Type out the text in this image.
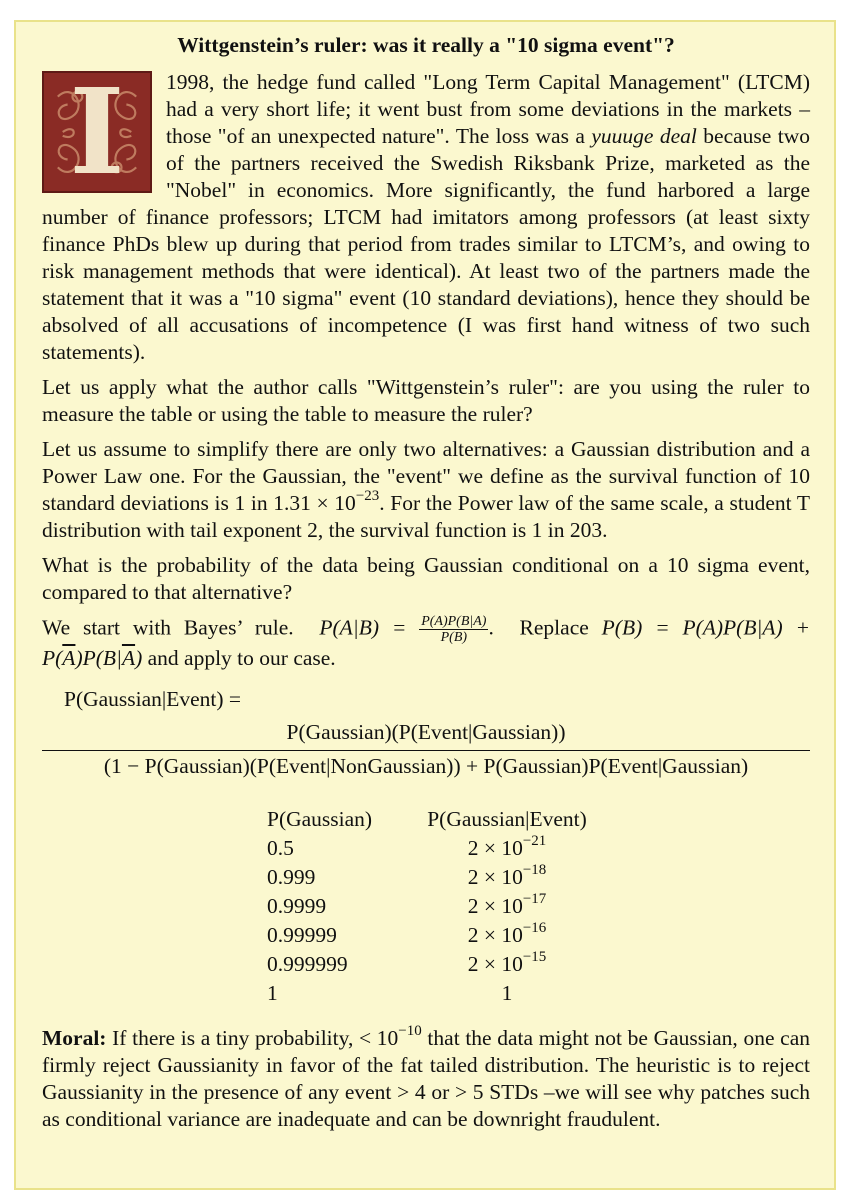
Wittgenstein’s ruler: was it really a "10 sigma event"?

I	1998, the hedge fund called "Long Term Capital Management" (LTCM) had a very short life; it went bust from some deviations in the markets –those "of an unexpected nature". The loss was a yuuuge deal because two of the partners received the Swedish Riksbank Prize, marketed as the "Nobel" in economics. More significantly, the fund harbored a large number of finance professors; LTCM had imitators among professors (at least sixty finance PhDs blew up during that period from trades similar to LTCM’s, and owing to risk management methods that were identical). At least two of the partners made the statement that it was a "10 sigma" event (10 standard deviations), hence they should be absolved of all accusations of incompetence (I was first hand witness of two such statements).

Let us apply what the author calls "Wittgenstein’s ruler": are you using the ruler to measure the table or using the table to measure the ruler?

Let us assume to simplify there are only two alternatives: a Gaussian distribution and a Power Law one. For the Gaussian, the "event" we define as the survival function of 10 standard deviations is 1 in $1.31 \times 10^{-23}$. For the Power law of the same scale, a student T distribution with tail exponent 2, the survival function is 1 in 203.

What is the probability of the data being Gaussian conditional on a 10 sigma event, compared to that alternative?

We start with Bayes’ rule.  $P(A|B) = \frac{P(A)P(B|A)}{P(B)}$ .  Replace $P(B) = P(A)P(B|A) + P(\overline{A})P(B|\overline{A})$ and apply to our case.

P(Gaussian|Event) =
P(Gaussian)(P(Event|Gaussian))
(1 − P(Gaussian)(P(Event|NonGaussian)) + P(Gaussian)P(Event|Gaussian)
P(Gaussian)	P(Gaussian|Event)
0.5	$2 \times 10^{-21}$
0.999	$2 \times 10^{-18}$
0.9999	$2 \times 10^{-17}$
0.99999	$2 \times 10^{-16}$
0.999999	$2 \times 10^{-15}$
1	1

Moral: If there is a tiny probability, < $10^{-10}$ that the data might not be Gaussian, one can firmly reject Gaussianity in favor of the fat tailed distribution. The heuristic is to reject Gaussianity in the presence of any event > 4 or > 5 STDs –we will see why patches such as conditional variance are inadequate and can be downright fraudulent.
